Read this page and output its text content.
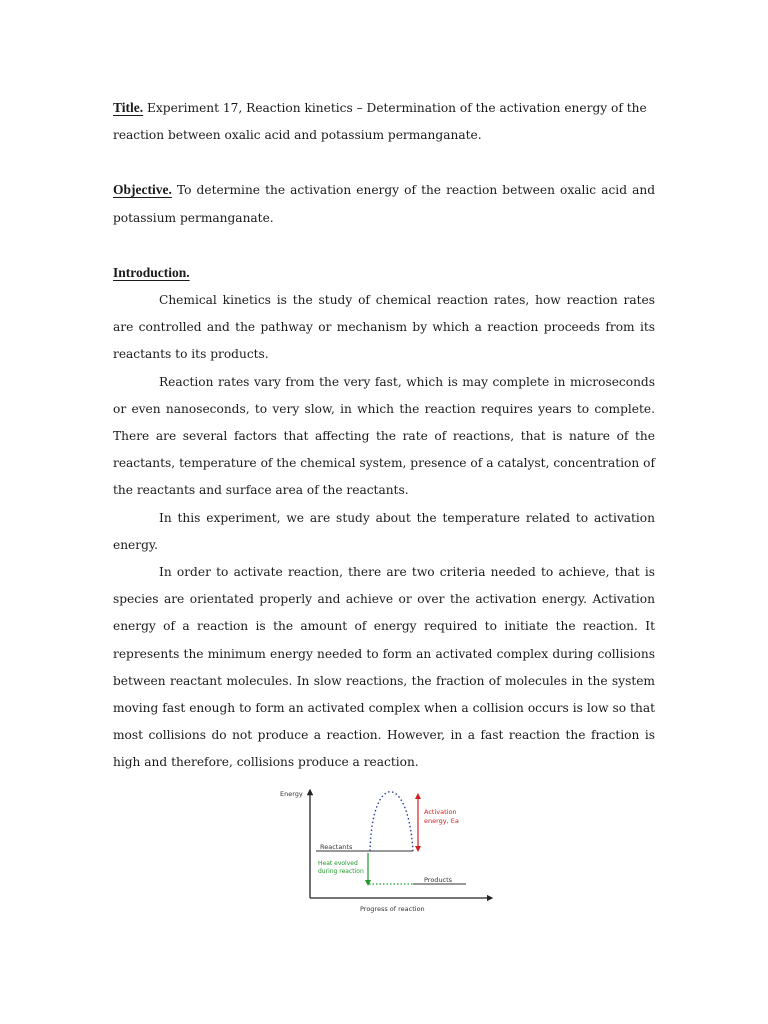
Title. Experiment 17, Reaction kinetics – Determination of the activation energy of the reaction between oxalic acid and potassium permanganate.

Objective. To determine the activation energy of the reaction between oxalic acid and potassium permanganate.

Introduction.

Chemical kinetics is the study of chemical reaction rates, how reaction rates are controlled and the pathway or mechanism by which a reaction proceeds from its reactants to its products.

Reaction rates vary from the very fast, which is may complete in microseconds or even nanoseconds, to very slow, in which the reaction requires years to complete. There are several factors that affecting the rate of reactions, that is nature of the reactants, temperature of the chemical system, presence of a catalyst, concentration of the reactants and surface area of the reactants.

In this experiment, we are study about the temperature related to activation energy.

In order to activate reaction, there are two criteria needed to achieve, that is species are orientated properly and achieve or over the activation energy. Activation energy of a reaction is the amount of energy required to initiate the reaction. It represents the minimum energy needed to form an activated complex during collisions between reactant molecules. In slow reactions, the fraction of molecules in the system moving fast enough to form an activated complex when a collision occurs is low so that most collisions do not produce a reaction. However, in a fast reaction the fraction is high and therefore, collisions produce a reaction.

Energy
Progress of reaction
Reactants
Products
Activation
energy, Ea
Heat evolved
during reaction
